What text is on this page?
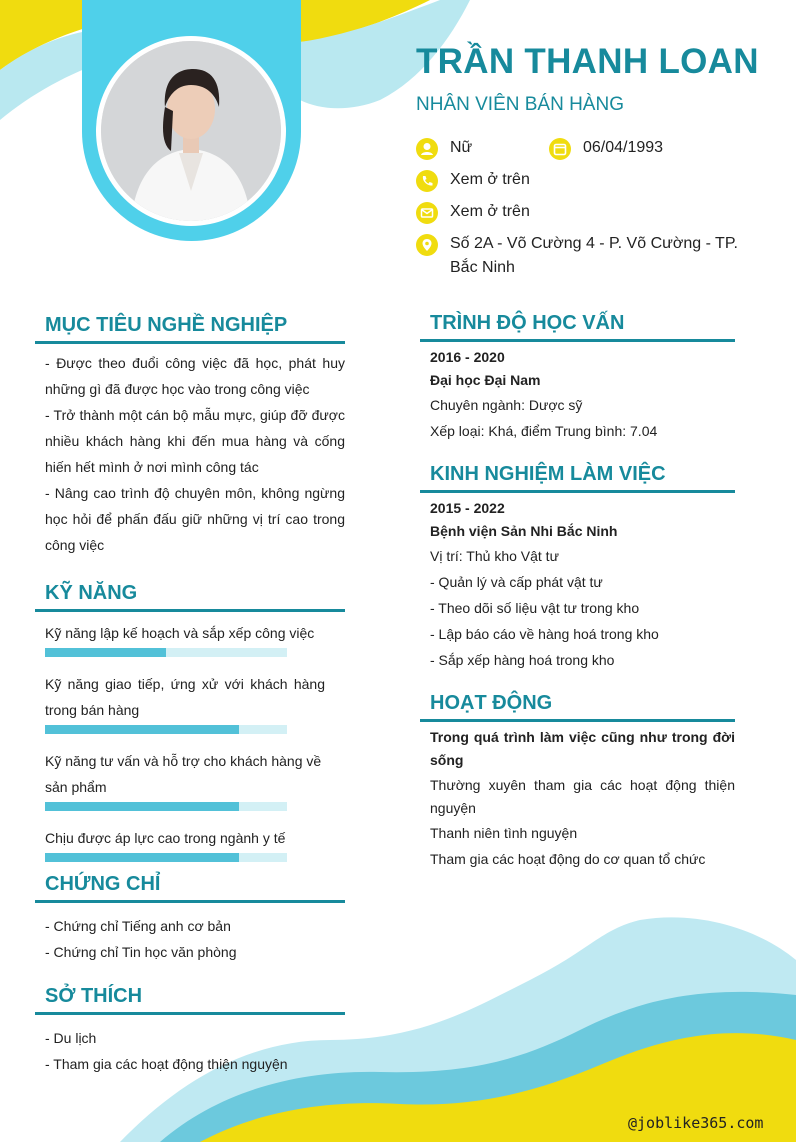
TRẦN THANH LOAN
NHÂN VIÊN BÁN HÀNG
Nữ	06/04/1993
Xem ở trên
Xem ở trên
Số 2A - Võ Cường 4 - P. Võ Cường - TP. Bắc Ninh
MỤC TIÊU NGHỀ NGHIỆP
- Được theo đuổi công việc đã học, phát huy những gì đã được học vào trong công việc
- Trở thành một cán bộ mẫu mực, giúp đỡ được nhiều khách hàng khi đến mua hàng và cống hiến hết mình ở nơi mình công tác
- Nâng cao trình độ chuyên môn, không ngừng học hỏi để phấn đấu giữ những vị trí cao trong công việc
KỸ NĂNG
Kỹ năng lập kế hoạch và sắp xếp công việc
Kỹ năng giao tiếp, ứng xử với khách hàng trong bán hàng
Kỹ năng tư vấn và hỗ trợ cho khách hàng về sản phẩm
Chịu được áp lực cao trong ngành y tế
CHỨNG CHỈ
- Chứng chỉ Tiếng anh cơ bản
- Chứng chỉ Tin học văn phòng
SỞ THÍCH
- Du lịch
- Tham gia các hoạt động thiện nguyện
TRÌNH ĐỘ HỌC VẤN
2016 - 2020
Đại học Đại Nam
Chuyên ngành: Dược sỹ
Xếp loại: Khá, điểm Trung bình: 7.04
KINH NGHIỆM LÀM VIỆC
2015 - 2022
Bệnh viện Sản Nhi Bắc Ninh
Vị trí: Thủ kho Vật tư
- Quản lý và cấp phát vật tư
- Theo dõi số liệu vật tư trong kho
- Lập báo cáo về hàng hoá trong kho
- Sắp xếp hàng hoá trong kho
HOẠT ĐỘNG
Trong quá trình làm việc cũng như trong đời sống
Thường xuyên tham gia các hoạt động thiện nguyện
Thanh niên tình nguyện
Tham gia các hoạt động do cơ quan tổ chức
@joblike365.com
